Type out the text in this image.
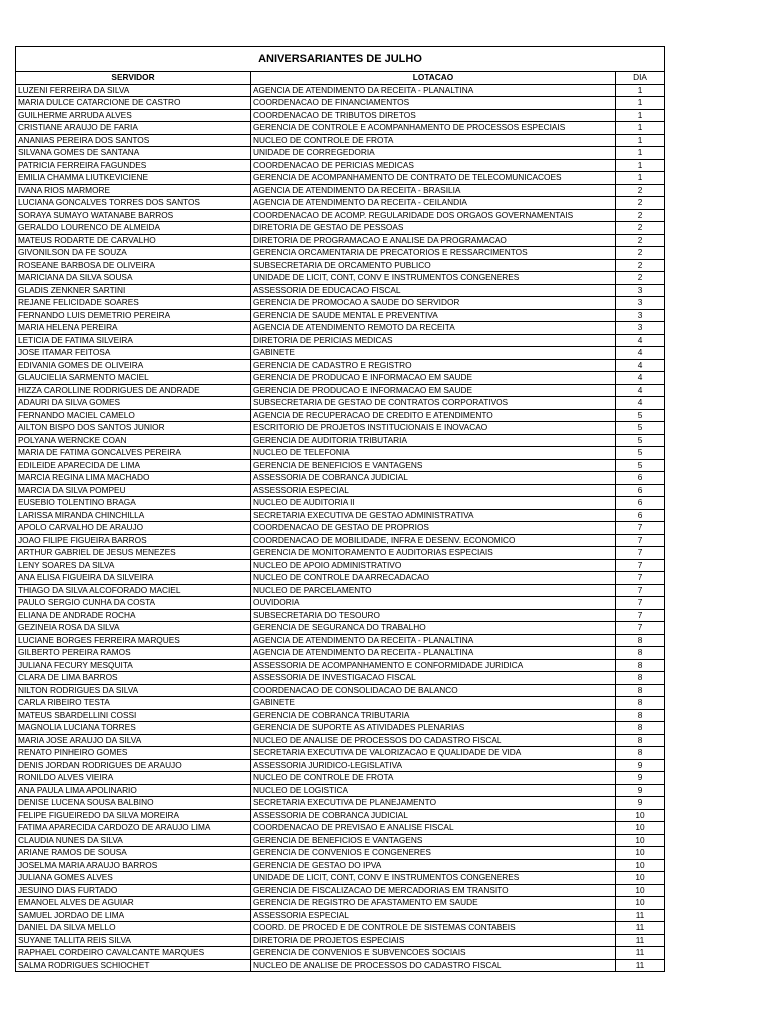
ANIVERSARIANTES DE JULHO		
SERVIDOR	LOTACAO	DIA
LUZENI FERREIRA DA SILVA	AGENCIA DE ATENDIMENTO DA RECEITA - PLANALTINA	1
MARIA DULCE CATARCIONE DE CASTRO	COORDENACAO DE FINANCIAMENTOS	1
GUILHERME ARRUDA ALVES	COORDENACAO DE TRIBUTOS DIRETOS	1
CRISTIANE ARAUJO DE FARIA	GERENCIA DE CONTROLE E ACOMPANHAMENTO DE PROCESSOS ESPECIAIS	1
ANANIAS PEREIRA DOS SANTOS	NUCLEO DE CONTROLE DE FROTA	1
SILVANA GOMES DE SANTANA	UNIDADE DE CORREGEDORIA	1
PATRICIA FERREIRA FAGUNDES	COORDENACAO DE PERICIAS MEDICAS	1
EMILIA CHAMMA LIUTKEVICIENE	GERENCIA DE ACOMPANHAMENTO DE CONTRATO DE TELECOMUNICACOES	1
IVANA RIOS MARMORE	AGENCIA DE ATENDIMENTO DA RECEITA - BRASILIA	2
LUCIANA GONCALVES TORRES DOS SANTOS	AGENCIA DE ATENDIMENTO DA RECEITA - CEILANDIA	2
SORAYA SUMAYO WATANABE BARROS	COORDENACAO DE ACOMP. REGULARIDADE DOS ORGAOS GOVERNAMENTAIS	2
GERALDO LOURENCO DE ALMEIDA	DIRETORIA DE GESTAO DE PESSOAS	2
MATEUS RODARTE DE CARVALHO	DIRETORIA DE PROGRAMACAO E ANALISE DA PROGRAMACAO	2
GIVONILSON DA FE SOUZA	GERENCIA ORCAMENTARIA DE PRECATORIOS E RESSARCIMENTOS	2
ROSEANE BARBOSA DE OLIVEIRA	SUBSECRETARIA DE ORCAMENTO PUBLICO	2
MARICIANA DA SILVA SOUSA	UNIDADE DE LICIT, CONT, CONV E INSTRUMENTOS CONGENERES	2
GLADIS ZENKNER SARTINI	ASSESSORIA DE EDUCACAO FISCAL	3
REJANE FELICIDADE SOARES	GERENCIA DE PROMOCAO A SAUDE DO SERVIDOR	3
FERNANDO LUIS DEMETRIO PEREIRA	GERENCIA DE SAUDE MENTAL E PREVENTIVA	3
MARIA HELENA PEREIRA	AGENCIA DE ATENDIMENTO REMOTO DA RECEITA	3
LETICIA DE FATIMA SILVEIRA	DIRETORIA DE PERICIAS MEDICAS	4
JOSE ITAMAR FEITOSA	GABINETE	4
EDIVANIA GOMES DE OLIVEIRA	GERENCIA DE CADASTRO E REGISTRO	4
GLAUCIELIA SARMENTO MACIEL	GERENCIA DE PRODUCAO E INFORMACAO EM SAUDE	4
HIZZA CAROLLINE RODRIGUES DE ANDRADE	GERENCIA DE PRODUCAO E INFORMACAO EM SAUDE	4
ADAURI DA SILVA GOMES	SUBSECRETARIA DE GESTAO DE CONTRATOS CORPORATIVOS	4
FERNANDO MACIEL CAMELO	AGENCIA DE RECUPERACAO DE CREDITO E ATENDIMENTO	5
AILTON BISPO DOS SANTOS JUNIOR	ESCRITORIO DE PROJETOS INSTITUCIONAIS E INOVACAO	5
POLYANA WERNCKE COAN	GERENCIA DE AUDITORIA TRIBUTARIA	5
MARIA DE FATIMA GONCALVES PEREIRA	NUCLEO DE TELEFONIA	5
EDILEIDE APARECIDA DE LIMA	GERENCIA DE BENEFICIOS E VANTAGENS	5
MARCIA REGINA LIMA MACHADO	ASSESSORIA DE COBRANCA JUDICIAL	6
MARCIA DA SILVA POMPEU	ASSESSORIA ESPECIAL	6
EUSEBIO TOLENTINO BRAGA	NUCLEO DE AUDITORIA II	6
LARISSA MIRANDA CHINCHILLA	SECRETARIA EXECUTIVA DE GESTAO ADMINISTRATIVA	6
APOLO CARVALHO DE ARAUJO	COORDENACAO DE GESTAO DE PROPRIOS	7
JOAO FILIPE FIGUEIRA BARROS	COORDENACAO DE MOBILIDADE, INFRA E DESENV. ECONOMICO	7
ARTHUR GABRIEL DE JESUS MENEZES	GERENCIA DE MONITORAMENTO E AUDITORIAS ESPECIAIS	7
LENY SOARES DA SILVA	NUCLEO DE APOIO ADMINISTRATIVO	7
ANA ELISA FIGUEIRA DA SILVEIRA	NUCLEO DE CONTROLE DA ARRECADACAO	7
THIAGO DA SILVA ALCOFORADO MACIEL	NUCLEO DE PARCELAMENTO	7
PAULO SERGIO CUNHA DA COSTA	OUVIDORIA	7
ELIANA DE ANDRADE ROCHA	SUBSECRETARIA DO TESOURO	7
GEZINEIA ROSA DA SILVA	GERENCIA DE SEGURANCA DO TRABALHO	7
LUCIANE BORGES FERREIRA MARQUES	AGENCIA DE ATENDIMENTO DA RECEITA - PLANALTINA	8
GILBERTO PEREIRA RAMOS	AGENCIA DE ATENDIMENTO DA RECEITA - PLANALTINA	8
JULIANA FECURY MESQUITA	ASSESSORIA DE ACOMPANHAMENTO E CONFORMIDADE JURIDICA	8
CLARA DE LIMA BARROS	ASSESSORIA DE INVESTIGACAO FISCAL	8
NILTON RODRIGUES DA SILVA	COORDENACAO DE CONSOLIDACAO DE BALANCO	8
CARLA RIBEIRO TESTA	GABINETE	8
MATEUS SBARDELLINI COSSI	GERENCIA DE COBRANCA TRIBUTARIA	8
MAGNOLIA LUCIANA TORRES	GERENCIA DE SUPORTE AS ATIVIDADES PLENARIAS	8
MARIA JOSE ARAUJO DA SILVA	NUCLEO DE ANALISE DE PROCESSOS DO CADASTRO FISCAL	8
RENATO PINHEIRO GOMES	SECRETARIA EXECUTIVA DE VALORIZACAO E QUALIDADE DE VIDA	8
DENIS JORDAN RODRIGUES DE ARAUJO	ASSESSORIA JURIDICO-LEGISLATIVA	9
RONILDO ALVES VIEIRA	NUCLEO DE CONTROLE DE FROTA	9
ANA PAULA LIMA APOLINARIO	NUCLEO DE LOGISTICA	9
DENISE LUCENA SOUSA BALBINO	SECRETARIA EXECUTIVA DE PLANEJAMENTO	9
FELIPE FIGUEIREDO DA SILVA MOREIRA	ASSESSORIA DE COBRANCA JUDICIAL	10
FATIMA APARECIDA CARDOZO DE ARAUJO LIMA	COORDENACAO DE PREVISAO E ANALISE FISCAL	10
CLAUDIA NUNES DA SILVA	GERENCIA DE BENEFICIOS E VANTAGENS	10
ARIANE RAMOS DE SOUSA	GERENCIA DE CONVENIOS E CONGENERES	10
JOSELMA MARIA ARAUJO BARROS	GERENCIA DE GESTAO DO IPVA	10
JULIANA GOMES ALVES	UNIDADE DE LICIT, CONT, CONV E INSTRUMENTOS CONGENERES	10
JESUINO DIAS FURTADO	GERENCIA DE FISCALIZACAO DE MERCADORIAS EM TRANSITO	10
EMANOEL ALVES DE AGUIAR	GERENCIA DE REGISTRO DE AFASTAMENTO EM SAUDE	10
SAMUEL JORDAO DE LIMA	ASSESSORIA ESPECIAL	11
DANIEL DA SILVA MELLO	COORD. DE PROCED E DE CONTROLE DE SISTEMAS CONTABEIS	11
SUYANE TALLITA REIS SILVA	DIRETORIA DE PROJETOS ESPECIAIS	11
RAPHAEL CORDEIRO CAVALCANTE MARQUES	GERENCIA DE CONVENIOS E SUBVENCOES SOCIAIS	11
SALMA RODRIGUES SCHIOCHET	NUCLEO DE ANALISE DE PROCESSOS DO CADASTRO FISCAL	11
